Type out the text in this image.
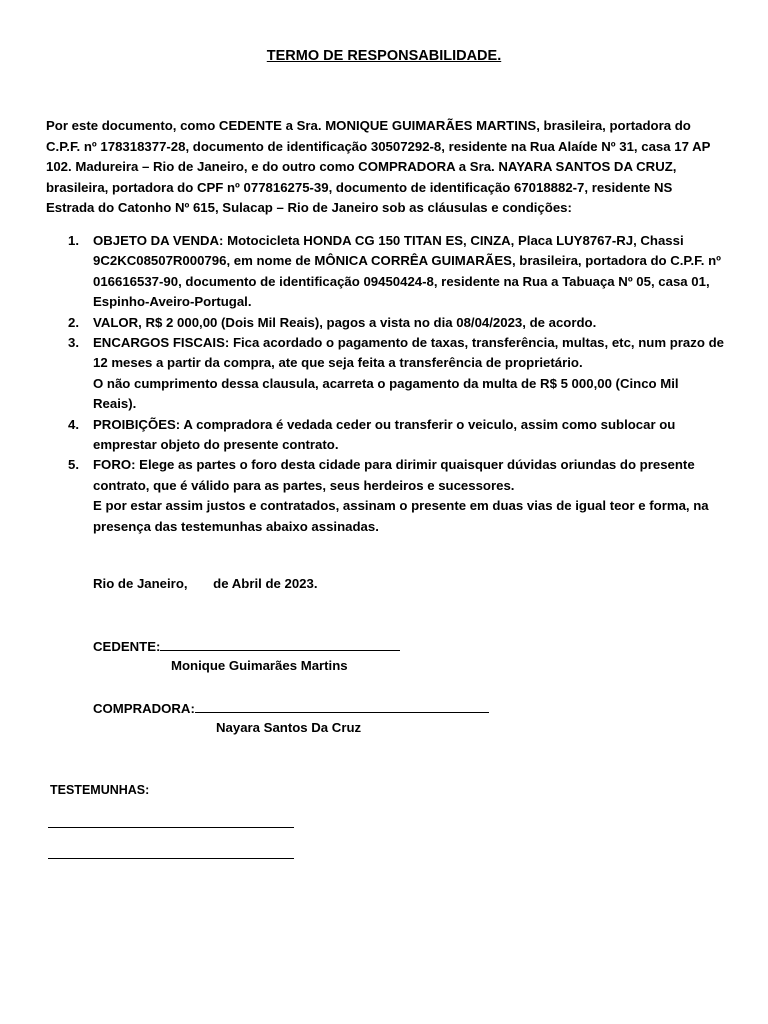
TERMO DE RESPONSABILIDADE.
Por este documento, como CEDENTE a Sra. MONIQUE GUIMARÃES MARTINS, brasileira, portadora do C.P.F. nº 178318377-28, documento de identificação 30507292-8, residente na Rua Alaíde Nº 31, casa 17 AP 102. Madureira – Rio de Janeiro, e do outro como COMPRADORA a Sra. NAYARA SANTOS DA CRUZ, brasileira, portadora do CPF nº 077816275-39, documento de identificação 67018882-7, residente NS Estrada do Catonho Nº 615, Sulacap – Rio de Janeiro sob as cláusulas e condições:
1. OBJETO DA VENDA: Motocicleta HONDA CG 150 TITAN ES, CINZA, Placa LUY8767-RJ, Chassi 9C2KC08507R000796, em nome de MÔNICA CORRÊA GUIMARÃES, brasileira, portadora do C.P.F. nº 016616537-90, documento de identificação 09450424-8, residente na Rua a Tabuaça Nº 05, casa 01, Espinho-Aveiro-Portugal.
2. VALOR, R$ 2 000,00 (Dois Mil Reais), pagos a vista no dia 08/04/2023, de acordo.
3. ENCARGOS FISCAIS: Fica acordado o pagamento de taxas, transferência, multas, etc, num prazo de 12 meses a partir da compra, ate que seja feita a transferência de proprietário.
O não cumprimento dessa clausula, acarreta o pagamento da multa de R$ 5 000,00 (Cinco Mil Reais).
4. PROIBIÇÕES: A compradora é vedada ceder ou transferir o veiculo, assim como sublocar ou emprestar objeto do presente contrato.
5. FORO: Elege as partes o foro desta cidade para dirimir quaisquer dúvidas oriundas do presente contrato, que é válido para as partes, seus herdeiros e sucessores.
E por estar assim justos e contratados, assinam o presente em duas vias de igual teor e forma, na presença das testemunhas abaixo assinadas.
Rio de Janeiro,       de Abril de 2023.
CEDENTE:
Monique Guimarães Martins
COMPRADORA:
Nayara Santos Da Cruz
TESTEMUNHAS:
